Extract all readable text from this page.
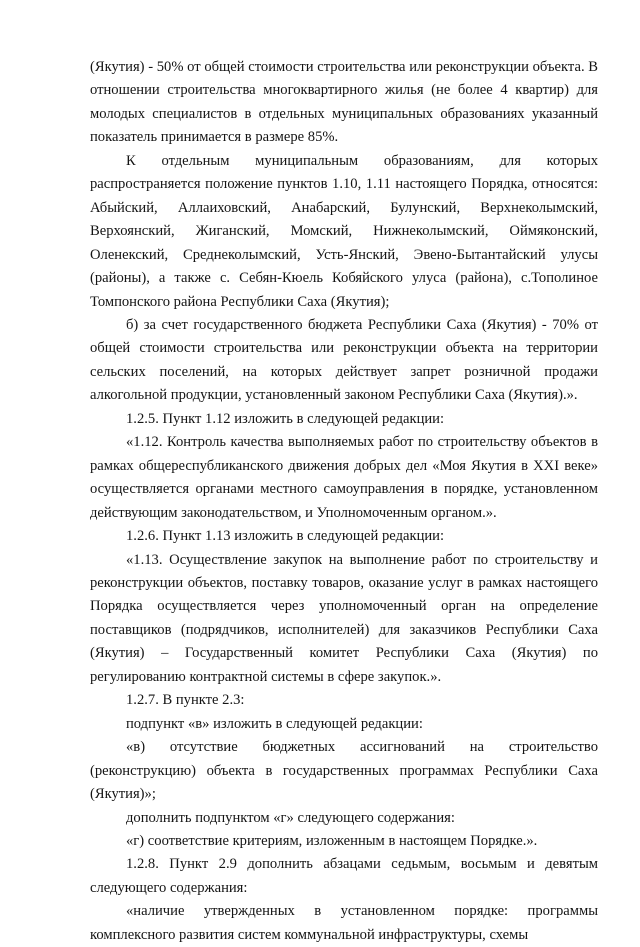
(Якутия) - 50% от общей стоимости строительства или реконструкции объекта. В отношении строительства многоквартирного жилья (не более 4 квартир) для молодых специалистов в отдельных муниципальных образованиях указанный показатель принимается в размере 85%.

К отдельным муниципальным образованиям, для которых распространяется положение пунктов 1.10, 1.11 настоящего Порядка, относятся: Абыйский, Аллаиховский, Анабарский, Булунский, Верхнеколымский, Верхоянский, Жиганский, Момский, Нижнеколымский, Оймяконский, Оленекский, Среднеколымский, Усть-Янский, Эвено-Бытантайский улусы (районы), а также с. Себян-Кюель Кобяйского улуса (района), с.Тополиное Томпонского района Республики Саха (Якутия);

б) за счет государственного бюджета Республики Саха (Якутия) - 70% от общей стоимости строительства или реконструкции объекта на территории сельских поселений, на которых действует запрет розничной продажи алкогольной продукции, установленный законом Республики Саха (Якутия).».

1.2.5. Пункт 1.12 изложить в следующей редакции:

«1.12. Контроль качества выполняемых работ по строительству объектов в рамках общереспубликанского движения добрых дел «Моя Якутия в XXI веке» осуществляется органами местного самоуправления в порядке, установленном действующим законодательством, и Уполномоченным органом.».

1.2.6. Пункт 1.13 изложить в следующей редакции:

«1.13. Осуществление закупок на выполнение работ по строительству и реконструкции объектов, поставку товаров, оказание услуг в рамках настоящего Порядка осуществляется через уполномоченный орган на определение поставщиков (подрядчиков, исполнителей) для заказчиков Республики Саха (Якутия) – Государственный комитет Республики Саха (Якутия) по регулированию контрактной системы в сфере закупок.».

1.2.7. В пункте 2.3:

подпункт «в» изложить в следующей редакции:

«в) отсутствие бюджетных ассигнований на строительство (реконструкцию) объекта в государственных программах Республики Саха (Якутия)»;

дополнить подпунктом «г» следующего содержания:

«г) соответствие критериям, изложенным в настоящем Порядке.».

1.2.8. Пункт 2.9 дополнить абзацами седьмым, восьмым и девятым следующего содержания:

«наличие утвержденных в установленном порядке: программы комплексного развития систем коммунальной инфраструктуры, схемы
